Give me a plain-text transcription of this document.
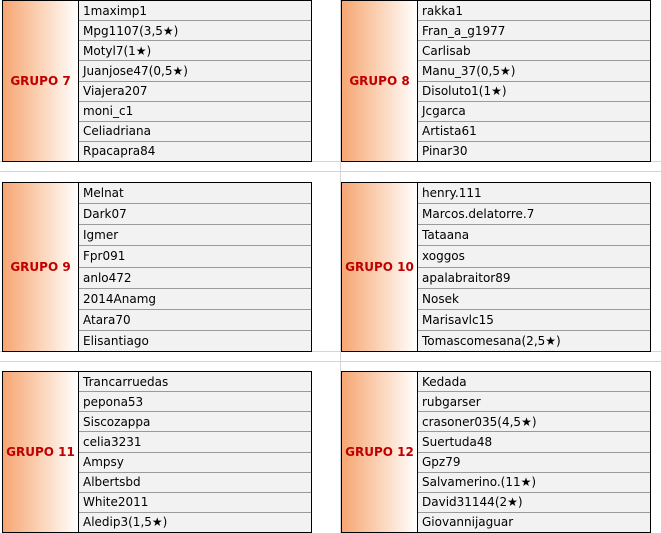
GRUPO 7
1maximp1
Mpg1107(3,5★)
Motyl7(1★)
Juanjose47(0,5★)
Viajera207
moni_c1
Celiadriana
Rpacapra84
GRUPO 8
rakka1
Fran_a_g1977
Carlisab
Manu_37(0,5★)
Disoluto1(1★)
Jcgarca
Artista61
Pinar30
GRUPO 9
Melnat
Dark07
Igmer
Fpr091
anlo472
2014Anamg
Atara70
Elisantiago
GRUPO 10
henry.111
Marcos.delatorre.7
Tataana
xoggos
apalabraitor89
Nosek
Marisavlc15
Tomascomesana(2,5★)
GRUPO 11
Trancarruedas
pepona53
Siscozappa
celia3231
Ampsy
Albertsbd
White2011
Aledip3(1,5★)
GRUPO 12
Kedada
rubgarser
crasoner035(4,5★)
Suertuda48
Gpz79
Salvamerino.(11★)
David31144(2★)
Giovannijaguar
